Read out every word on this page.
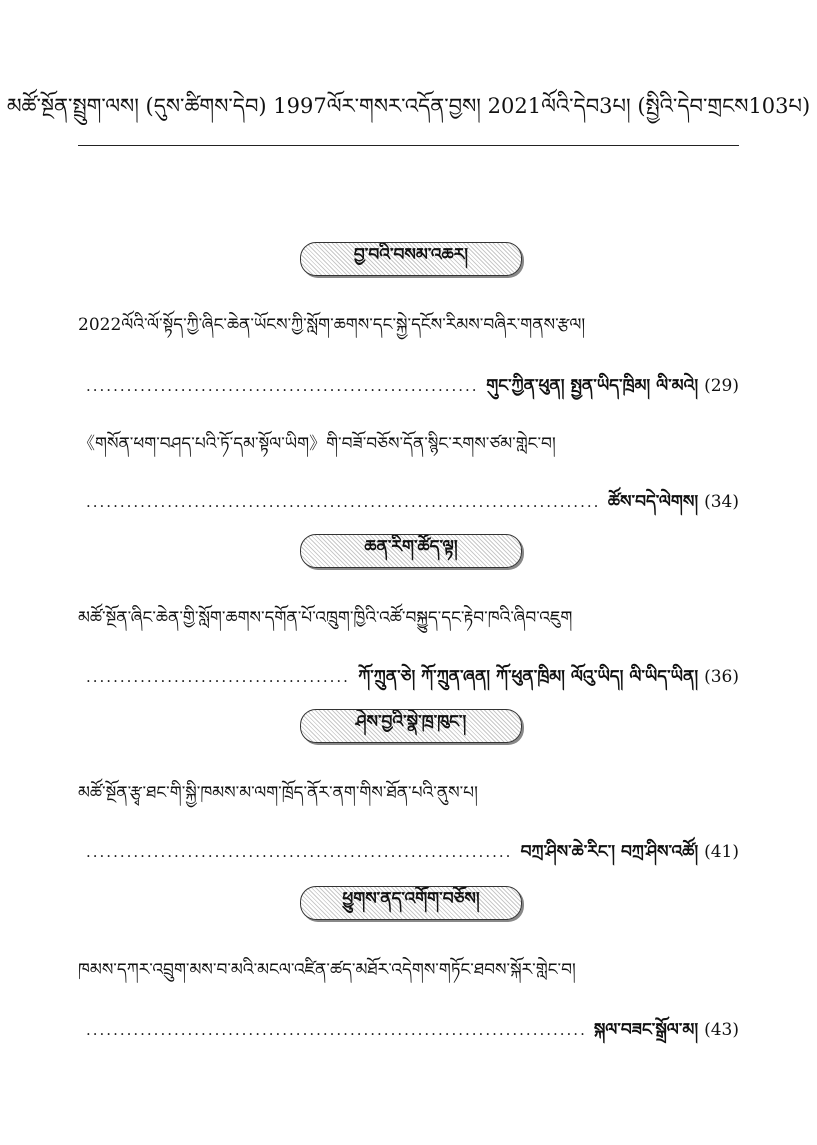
མཚོ་སྔོན་སྤྲུག་ལས། (དུས་ཚིགས་དེབ) 1997ལོར་གསར་འདོན་བྱས། 2021ལོའི་དེབ3པ། (སྤྱིའི་དེབ་གྲངས103པ)
བྱ་བའི་བསམ་འཆར།
2022ལོའི་ལོ་སྟོད་ཀྱི་ཞིང་ཆེན་ཡོངས་ཀྱི་སློག་ཆགས་དང་སྐྱེ་དངོས་རིམས་བཞིར་གནས་རྩལ།
.....
གུང་ཀྱིན་ཕུན། སྤྱན་ཡིད་ཁྲིམ། ལི་མའེ། (29)
《གསོན་ཕག་བཤད་པའི་ཏོ་དམ་སྟོལ་ཡིག》གི་བཟོ་བཅོས་དོན་སྙིང་རགས་ཙམ་གླེང་བ།
.....
ཚོས་བདེ་ལེགས། (34)
ཆན་རིག་ཚོད་ལྟ།
མཚོ་སྔོན་ཞིང་ཆེན་གྱི་སློག་ཆགས་དགོན་པོ་འཁྲུག་ཁྱིའི་འཚོ་བསྐྱུད་དང་རྟེབ་ཁའི་ཞིབ་འཇུག
.....
ཀོ་ཀྲུན་ཅེ། ཀོ་ཀྲུན་ཞན། ཀོ་ཕུན་ཁྲིམ། ལོའུ་ཡིད། ལི་ཡིད་ཡིན། (36)
ཤེས་བྱའི་སྣེ་ཁྲ་ཁུང་།
མཚོ་སྔོན་རྩྭ་ཐང་གི་སྐྱི་ཁམས་མ་ལག་ཁྲོད་ནོར་ནག་གིས་ཐོན་པའི་ནུས་པ།
.....
བཀྲ་ཤིས་ཆེ་རིང་། བཀྲ་ཤིས་འཚོ། (41)
ཕྱུགས་ནད་འགོག་བཅོས།
ཁམས་དཀར་འབྲུག་མས་བ་མའི་མངལ་འཛིན་ཚད་མཐོར་འདེགས་གཏོང་ཐབས་སྐོར་གླེང་བ།
.....
སྐལ་བཟང་སྒྲོལ་མ། (43)
